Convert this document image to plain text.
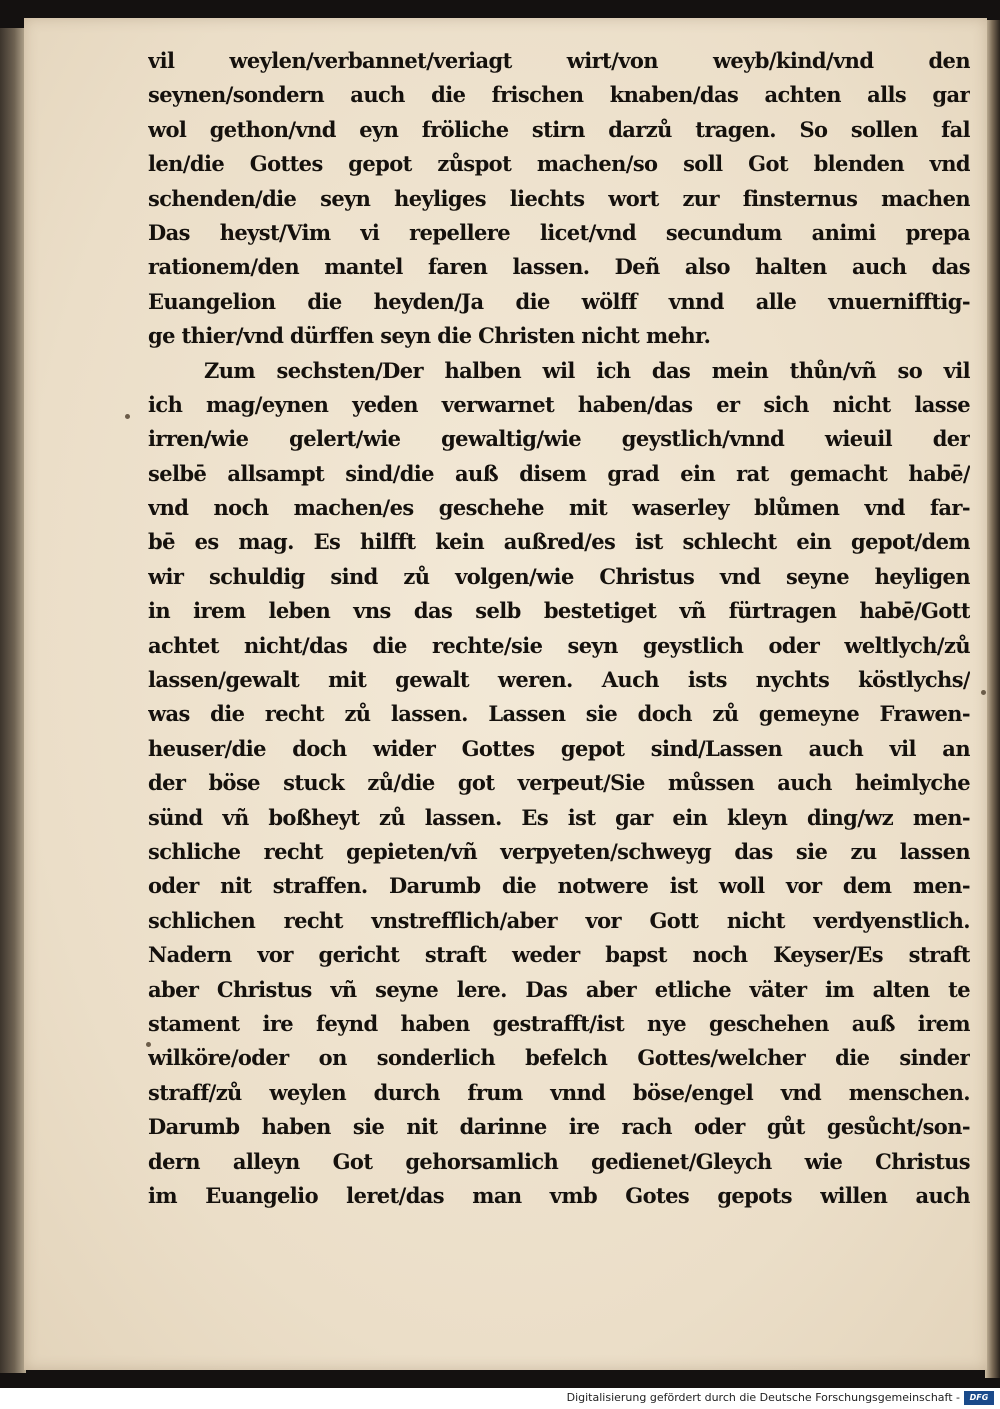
vil weylen/verbannet/veriagt wirt/von weyb/kind/vnd den
seynen/sondern auch die frischen knaben/das achten alls gar
wol gethon/vnd eyn fröliche stirn darzů tragen. So sollen fal
len/die Gottes gepot zůspot machen/so soll Got blenden vnd
schenden/die seyn heyliges liechts wort zur finsternus machen
Das heyst/Vim vi repellere licet/vnd secundum animi prepa
rationem/den mantel faren lassen. Deñ also halten auch das
Euangelion die heyden/Ja die wölff vnnd alle vnuernifftig-
ge thier/vnd dürffen seyn die Christen nicht mehr.
Zum sechsten/Der halben wil ich das mein thůn/vñ so vil
ich mag/eynen yeden verwarnet haben/das er sich nicht lasse
irren/wie gelert/wie gewaltig/wie geystlich/vnnd wieuil der
selbē allsampt sind/die auß disem grad ein rat gemacht habē/
vnd noch machen/es geschehe mit waserley blůmen vnd far-
bē es mag. Es hilfft kein außred/es ist schlecht ein gepot/dem
wir schuldig sind zů volgen/wie Christus vnd seyne heyligen
in irem leben vns das selb bestetiget vñ fürtragen habē/Gott
achtet nicht/das die rechte/sie seyn geystlich oder weltlych/zů
lassen/gewalt mit gewalt weren. Auch ists nychts köstlychs/
was die recht zů lassen. Lassen sie doch zů gemeyne Frawen-
heuser/die doch wider Gottes gepot sind/Lassen auch vil an
der böse stuck zů/die got verpeut/Sie můssen auch heimlyche
sünd vñ boßheyt zů lassen. Es ist gar ein kleyn ding/wz men-
schliche recht gepieten/vñ verpyeten/schweyg das sie zu lassen
oder nit straffen. Darumb die notwere ist woll vor dem men-
schlichen recht vnstrefflich/aber vor Gott nicht verdyenstlich.
Nadern vor gericht straft weder bapst noch Keyser/Es straft
aber Christus vñ seyne lere. Das aber etliche väter im alten te
stament ire feynd haben gestrafft/ist nye geschehen auß irem
wilköre/oder on sonderlich befelch Gottes/welcher die sinder
straff/zů weylen durch frum vnnd böse/engel vnd menschen.
Darumb haben sie nit darinne ire rach oder gůt gesůcht/son-
dern alleyn Got gehorsamlich gedienet/Gleych wie Christus
im Euangelio leret/das man vmb Gotes gepots willen auch
Digitalisierung gefördert durch die Deutsche Forschungsgemeinschaft -	DFG
